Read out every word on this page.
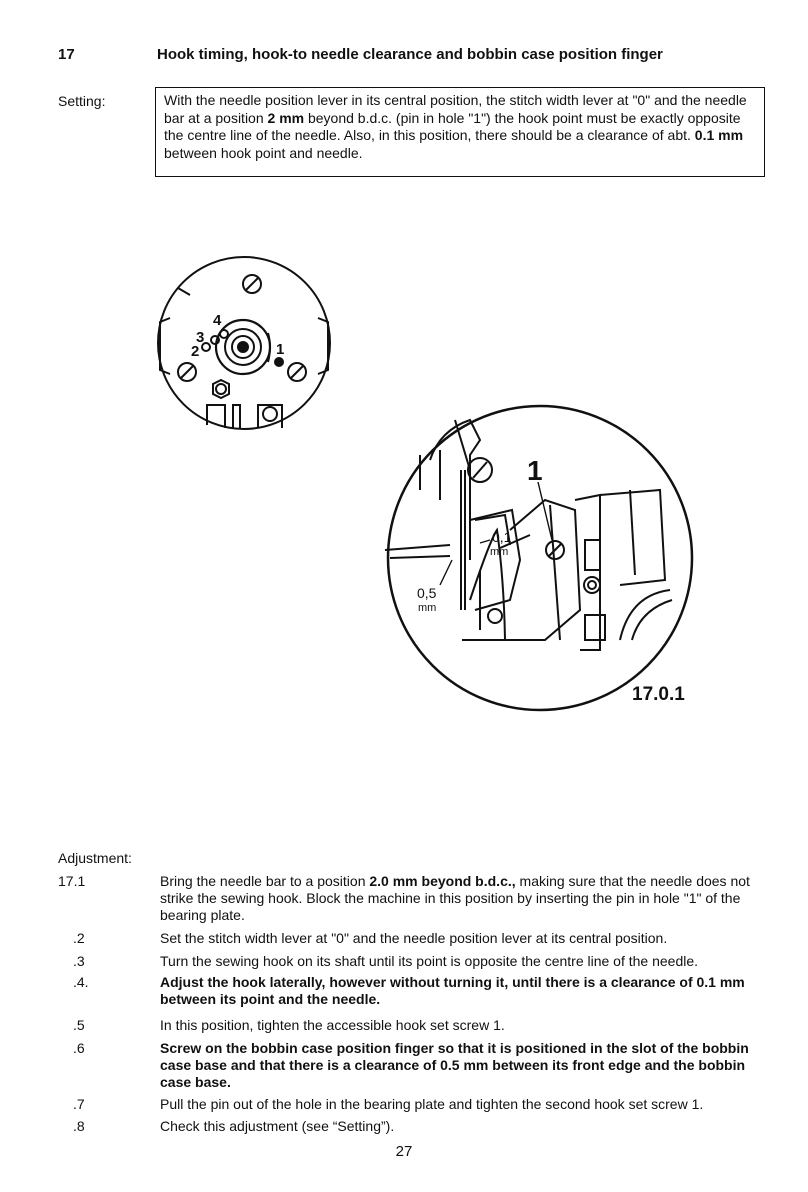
17	Hook timing, hook-to needle clearance and bobbin case position finger
Setting:	With the needle position lever in its central position, the stitch width lever at "0" and the needle bar at a position 2 mm beyond b.d.c. (pin in hole "1") the hook point must be exactly opposite the centre line of the needle. Also, in this position, there should be a clearance of abt. 0.1 mm between hook point and needle.
1
0,1
mm
0,5
mm
4
3
2	1
17.0.1
Adjustment:
17.1	Bring the needle bar to a position 2.0 mm beyond b.d.c., making sure that the needle does not strike the sewing hook. Block the machine in this position by inserting the pin in hole "1" of the bearing plate.
.2	Set the stitch width lever at "0" and the needle position lever at its central position.
.3	Turn the sewing hook on its shaft until its point is opposite the centre line of the needle.
.4.	Adjust the hook laterally, however without turning it, until there is a clearance of 0.1 mm between its point and the needle.
.5	In this position, tighten the accessible hook set screw 1.
.6	Screw on the bobbin case position finger so that it is positioned in the slot of the bobbin case base and that there is a clearance of 0.5 mm between its front edge and the bobbin case base.
.7	Pull the pin out of the hole in the bearing plate and tighten the second hook set screw 1.
.8	Check this adjustment (see “Setting”).
27
